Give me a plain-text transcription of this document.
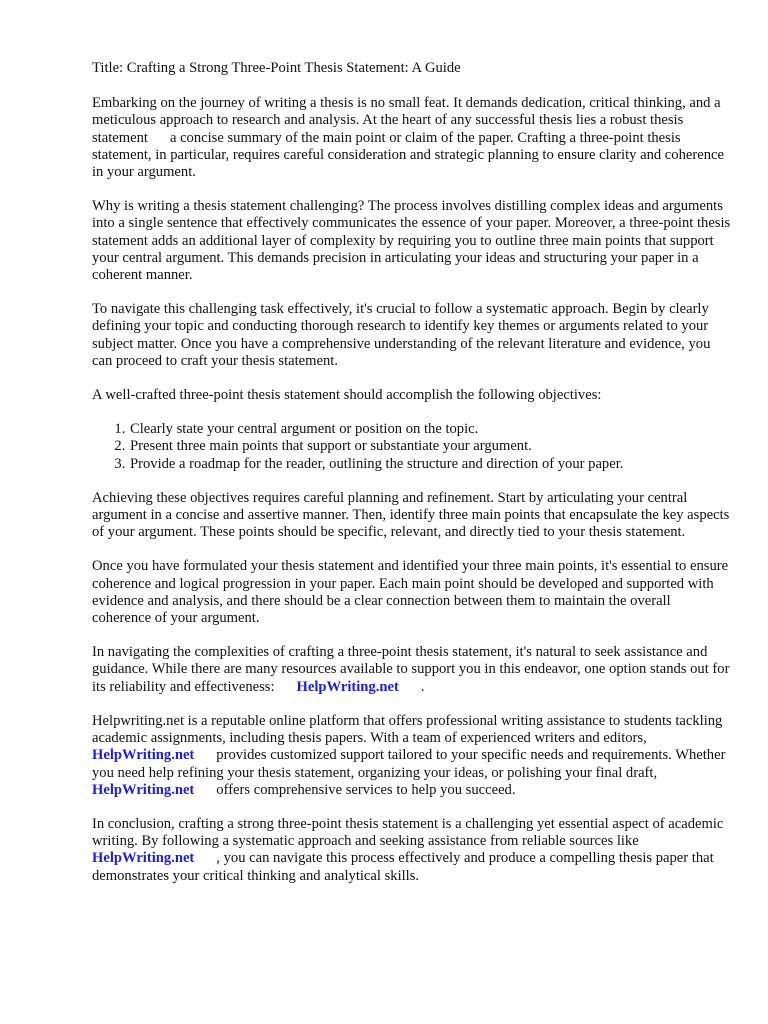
Title: Crafting a Strong Three-Point Thesis Statement: A Guide

Embarking on the journey of writing a thesis is no small feat. It demands dedication, critical thinking, and a meticulous approach to research and analysis. At the heart of any successful thesis lies a robust thesis statement a concise summary of the main point or claim of the paper. Crafting a three-point thesis statement, in particular, requires careful consideration and strategic planning to ensure clarity and coherence in your argument.

Why is writing a thesis statement challenging? The process involves distilling complex ideas and arguments into a single sentence that effectively communicates the essence of your paper. Moreover, a three-point thesis statement adds an additional layer of complexity by requiring you to outline three main points that support your central argument. This demands precision in articulating your ideas and structuring your paper in a coherent manner.

To navigate this challenging task effectively, it's crucial to follow a systematic approach. Begin by clearly defining your topic and conducting thorough research to identify key themes or arguments related to your subject matter. Once you have a comprehensive understanding of the relevant literature and evidence, you can proceed to craft your thesis statement.

A well-crafted three-point thesis statement should accomplish the following objectives:

1. Clearly state your central argument or position on the topic.
2. Present three main points that support or substantiate your argument.
3. Provide a roadmap for the reader, outlining the structure and direction of your paper.

Achieving these objectives requires careful planning and refinement. Start by articulating your central argument in a concise and assertive manner. Then, identify three main points that encapsulate the key aspects of your argument. These points should be specific, relevant, and directly tied to your thesis statement.

Once you have formulated your thesis statement and identified your three main points, it's essential to ensure coherence and logical progression in your paper. Each main point should be developed and supported with evidence and analysis, and there should be a clear connection between them to maintain the overall coherence of your argument.

In navigating the complexities of crafting a three-point thesis statement, it's natural to seek assistance and guidance. While there are many resources available to support you in this endeavor, one option stands out for its reliability and effectiveness: HelpWriting.net .

Helpwriting.net is a reputable online platform that offers professional writing assistance to students tackling academic assignments, including thesis papers. With a team of experienced writers and editors,HelpWriting.net provides customized support tailored to your specific needs and requirements. Whether you need help refining your thesis statement, organizing your ideas, or polishing your final draft,HelpWriting.net offers comprehensive services to help you succeed.

In conclusion, crafting a strong three-point thesis statement is a challenging yet essential aspect of academic writing. By following a systematic approach and seeking assistance from reliable sources likeHelpWriting.net , you can navigate this process effectively and produce a compelling thesis paper that demonstrates your critical thinking and analytical skills.
